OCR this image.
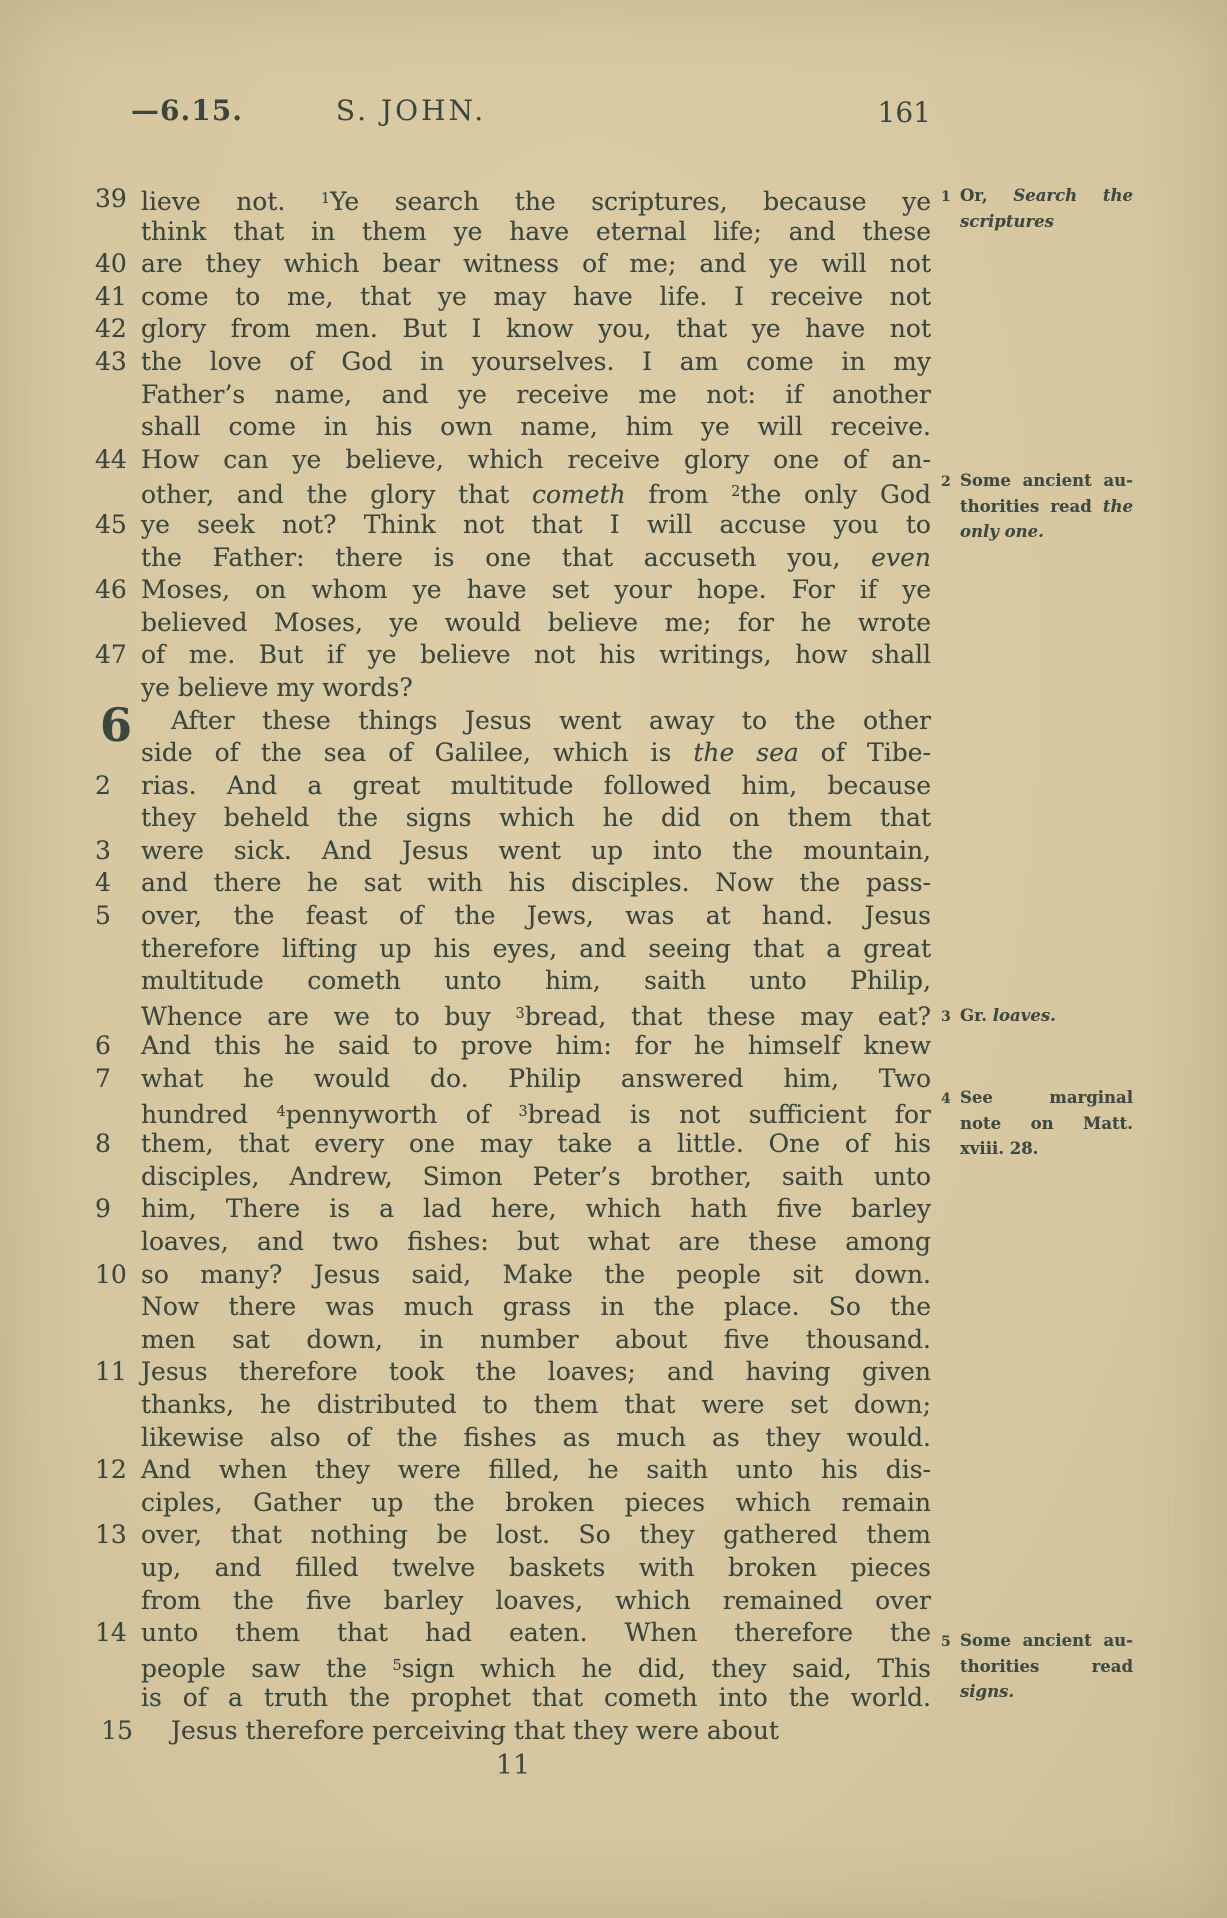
—6.15.	S. JOHN.	161
39 lieve not. $^1$Ye search the scriptures, because ye
think that in them ye have eternal life; and these
40 are they which bear witness of me; and ye will not
41 come to me, that ye may have life. I receive not
42 glory from men. But I know you, that ye have not
43 the love of God in yourselves. I am come in my
Father’s name, and ye receive me not: if another
shall come in his own name, him ye will receive.
44 How can ye believe, which receive glory one of an-
other, and the glory that cometh from $^2$the only God
45 ye seek not? Think not that I will accuse you to
the Father: there is one that accuseth you, even
46 Moses, on whom ye have set your hope. For if ye
believed Moses, ye would believe me; for he wrote
47 of me. But if ye believe not his writings, how shall
ye believe my words?
6	After these things Jesus went away to the other
side of the sea of Galilee, which is the sea of Tibe-
2	rias. And a great multitude followed him, because
they beheld the signs which he did on them that
3	were sick. And Jesus went up into the mountain,
4	and there he sat with his disciples. Now the pass-
5	over, the feast of the Jews, was at hand. Jesus
therefore lifting up his eyes, and seeing that a great
multitude cometh unto him, saith unto Philip,
Whence are we to buy $^3$bread, that these may eat?
6	And this he said to prove him: for he himself knew
7	what he would do. Philip answered him, Two
hundred $^4$pennyworth of $^3$bread is not sufficient for
8	them, that every one may take a little. One of his
disciples, Andrew, Simon Peter’s brother, saith unto
9	him, There is a lad here, which hath five barley
loaves, and two fishes: but what are these among
10 so many? Jesus said, Make the people sit down.
Now there was much grass in the place. So the
men sat down, in number about five thousand.
11 Jesus therefore took the loaves; and having given
thanks, he distributed to them that were set down;
likewise also of the fishes as much as they would.
12 And when they were filled, he saith unto his dis-
ciples, Gather up the broken pieces which remain
13 over, that nothing be lost. So they gathered them
up, and filled twelve baskets with broken pieces
from the five barley loaves, which remained over
14 unto them that had eaten. When therefore the
people saw the $^5$sign which he did, they said, This
is of a truth the prophet that cometh into the world.
15 Jesus therefore perceiving that they were about
1 Or, Search the
scriptures
2 Some ancient au-
thorities read the
only one.
3 Gr. loaves.
4 See marginal
note on Matt.
xviii. 28.
5 Some ancient au-
thorities read
signs.
11
